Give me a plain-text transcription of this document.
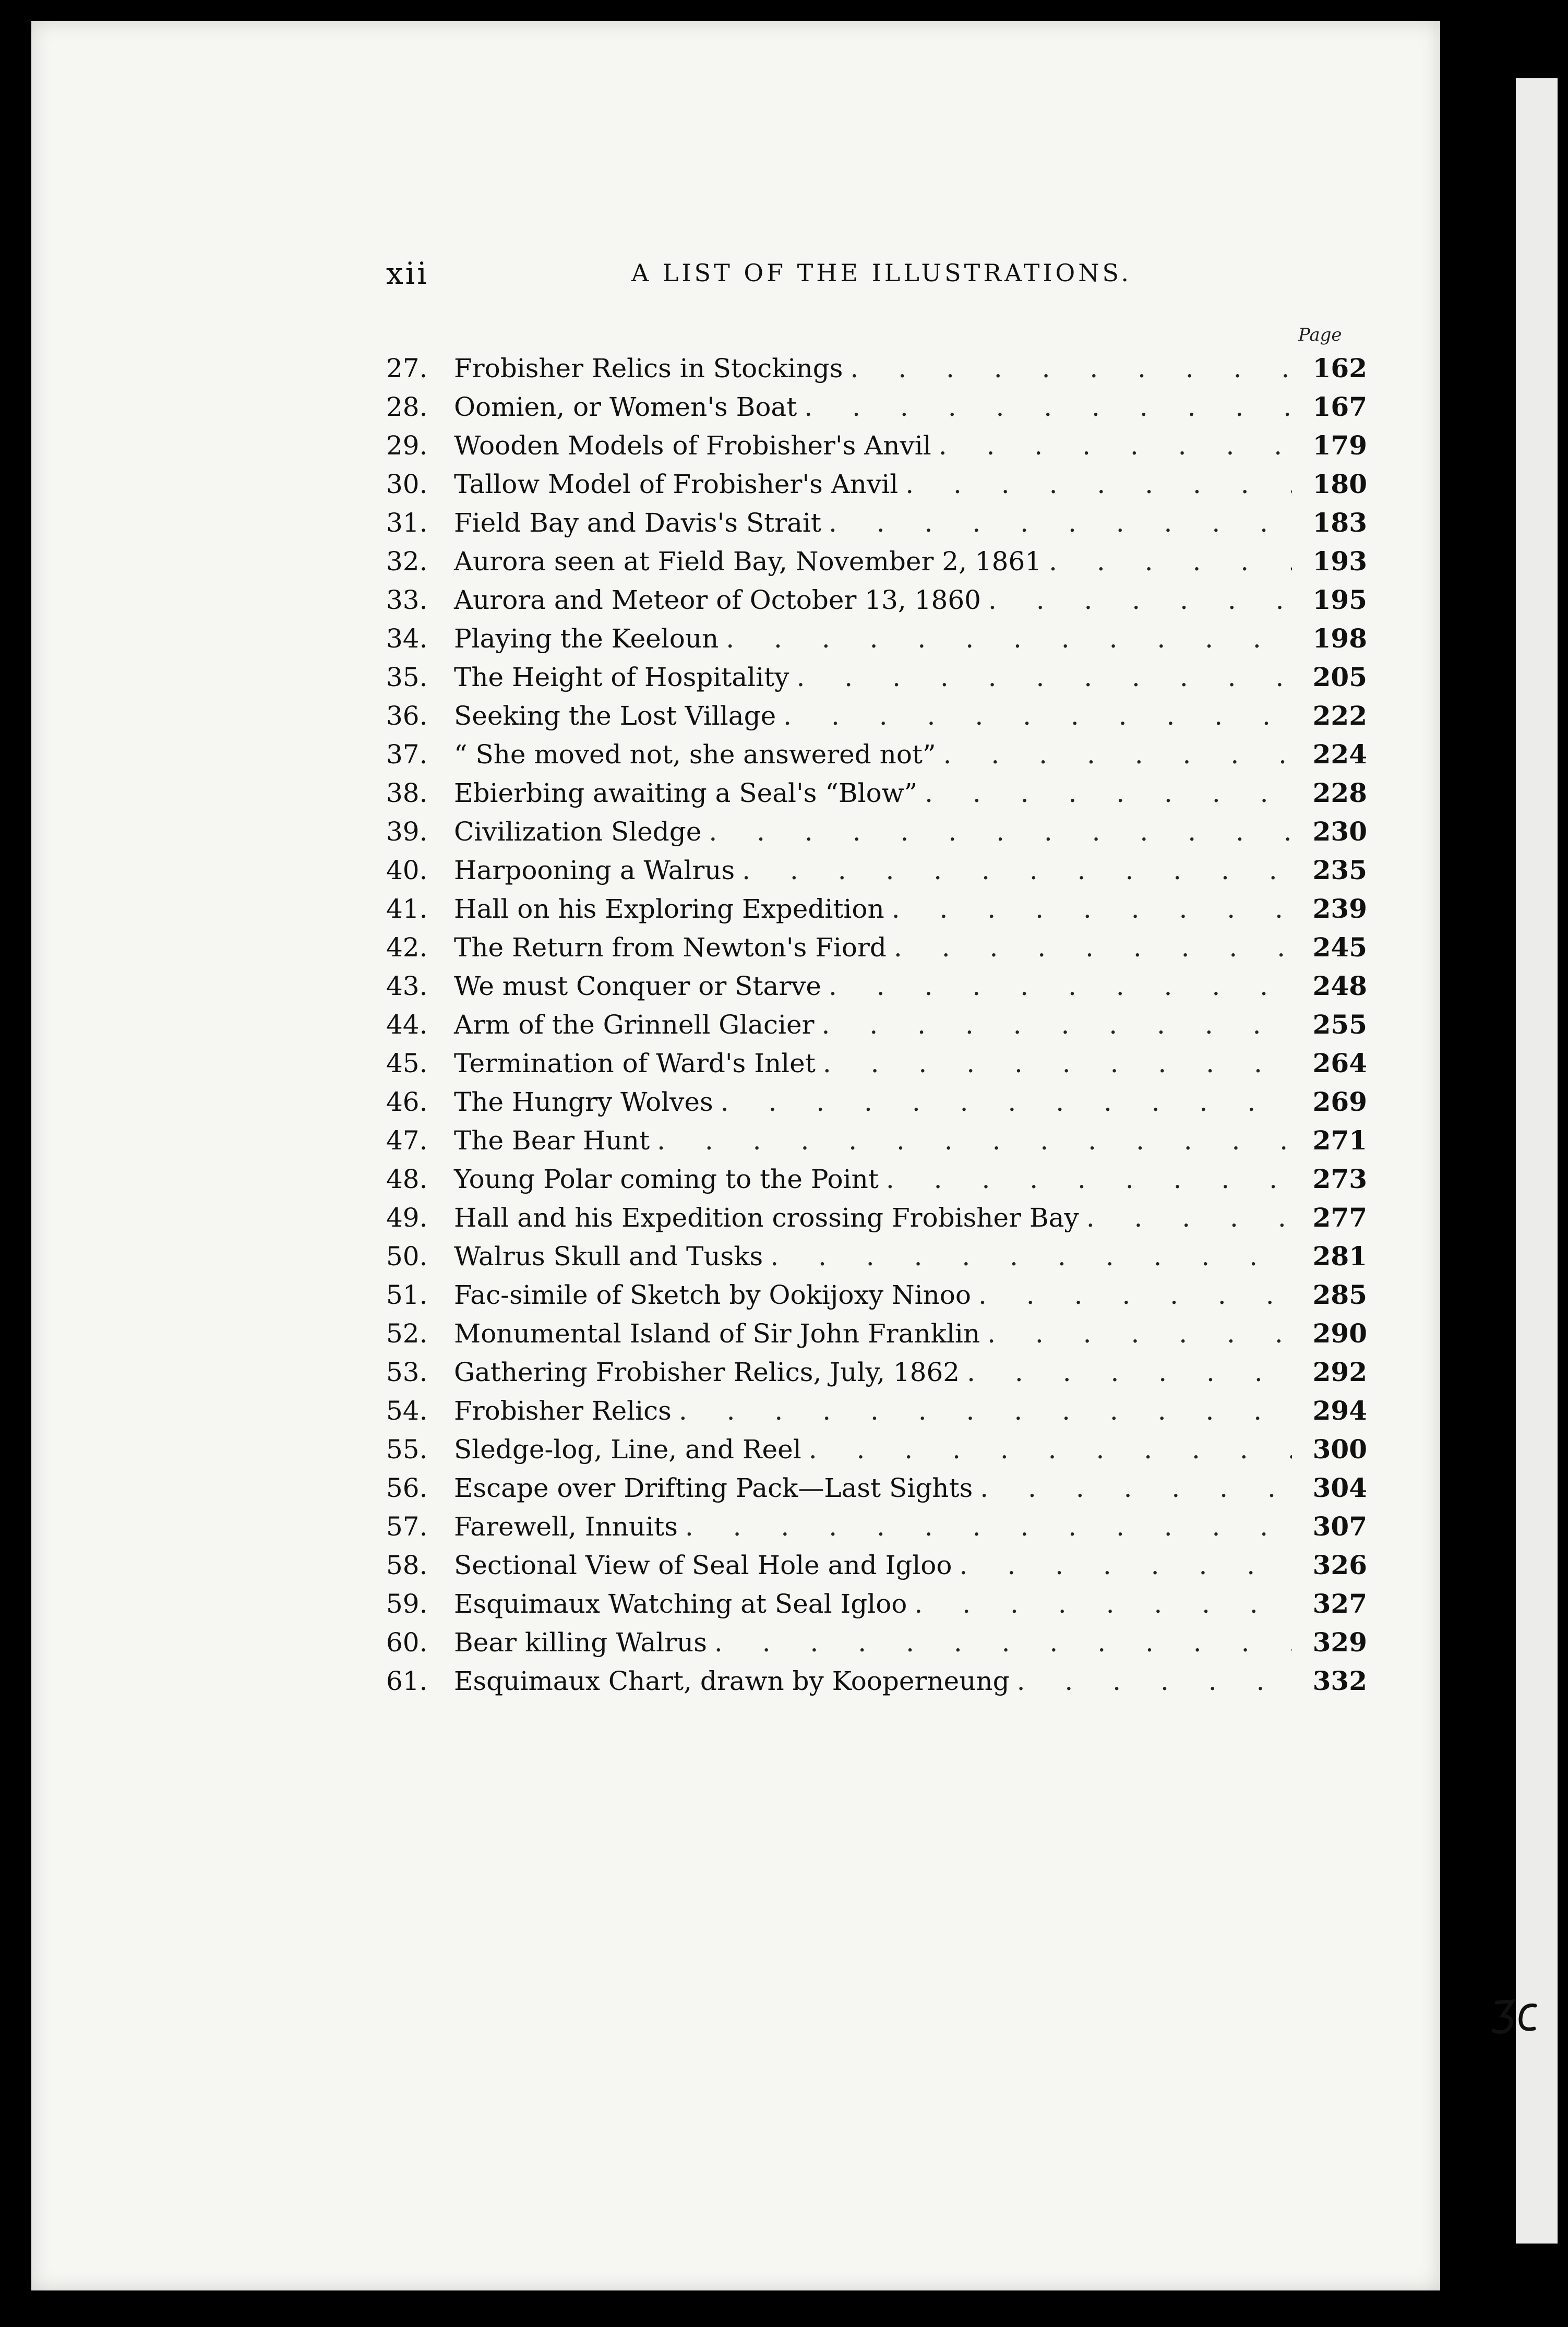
xii	A LIST OF THE ILLUSTRATIONS.
Page
27.	Frobisher Relics in Stockings . . .	162
28.	Oomien, or Women's Boat . . .	167
29.	Wooden Models of Frobisher's Anvil . . .	179
30.	Tallow Model of Frobisher's Anvil . . .	180
31.	Field Bay and Davis's Strait . . .	183
32.	Aurora seen at Field Bay, November 2, 1861 . . .	193
33.	Aurora and Meteor of October 13, 1860 . . .	195
34.	Playing the Keeloun . . .	198
35.	The Height of Hospitality . . .	205
36.	Seeking the Lost Village . . .	222
37.	“ She moved not, she answered not” . . .	224
38.	Ebierbing awaiting a Seal's “Blow” . . .	228
39.	Civilization Sledge . . .	230
40.	Harpooning a Walrus . . .	235
41.	Hall on his Exploring Expedition . . .	239
42.	The Return from Newton's Fiord . . .	245
43.	We must Conquer or Starve . . .	248
44.	Arm of the Grinnell Glacier . . .	255
45.	Termination of Ward's Inlet . . .	264
46.	The Hungry Wolves . . .	269
47.	The Bear Hunt . . .	271
48.	Young Polar coming to the Point . . .	273
49.	Hall and his Expedition crossing Frobisher Bay . . .	277
50.	Walrus Skull and Tusks . . .	281
51.	Fac-simile of Sketch by Ookijoxy Ninoo . . .	285
52.	Monumental Island of Sir John Franklin . . .	290
53.	Gathering Frobisher Relics, July, 1862 . . .	292
54.	Frobisher Relics . . .	294
55.	Sledge-log, Line, and Reel . . .	300
56.	Escape over Drifting Pack—Last Sights . . .	304
57.	Farewell, Innuits . . .	307
58.	Sectional View of Seal Hole and Igloo . . .	326
59.	Esquimaux Watching at Seal Igloo . . .	327
60.	Bear killing Walrus . . .	329
61.	Esquimaux Chart, drawn by Kooperneung . . .	332
